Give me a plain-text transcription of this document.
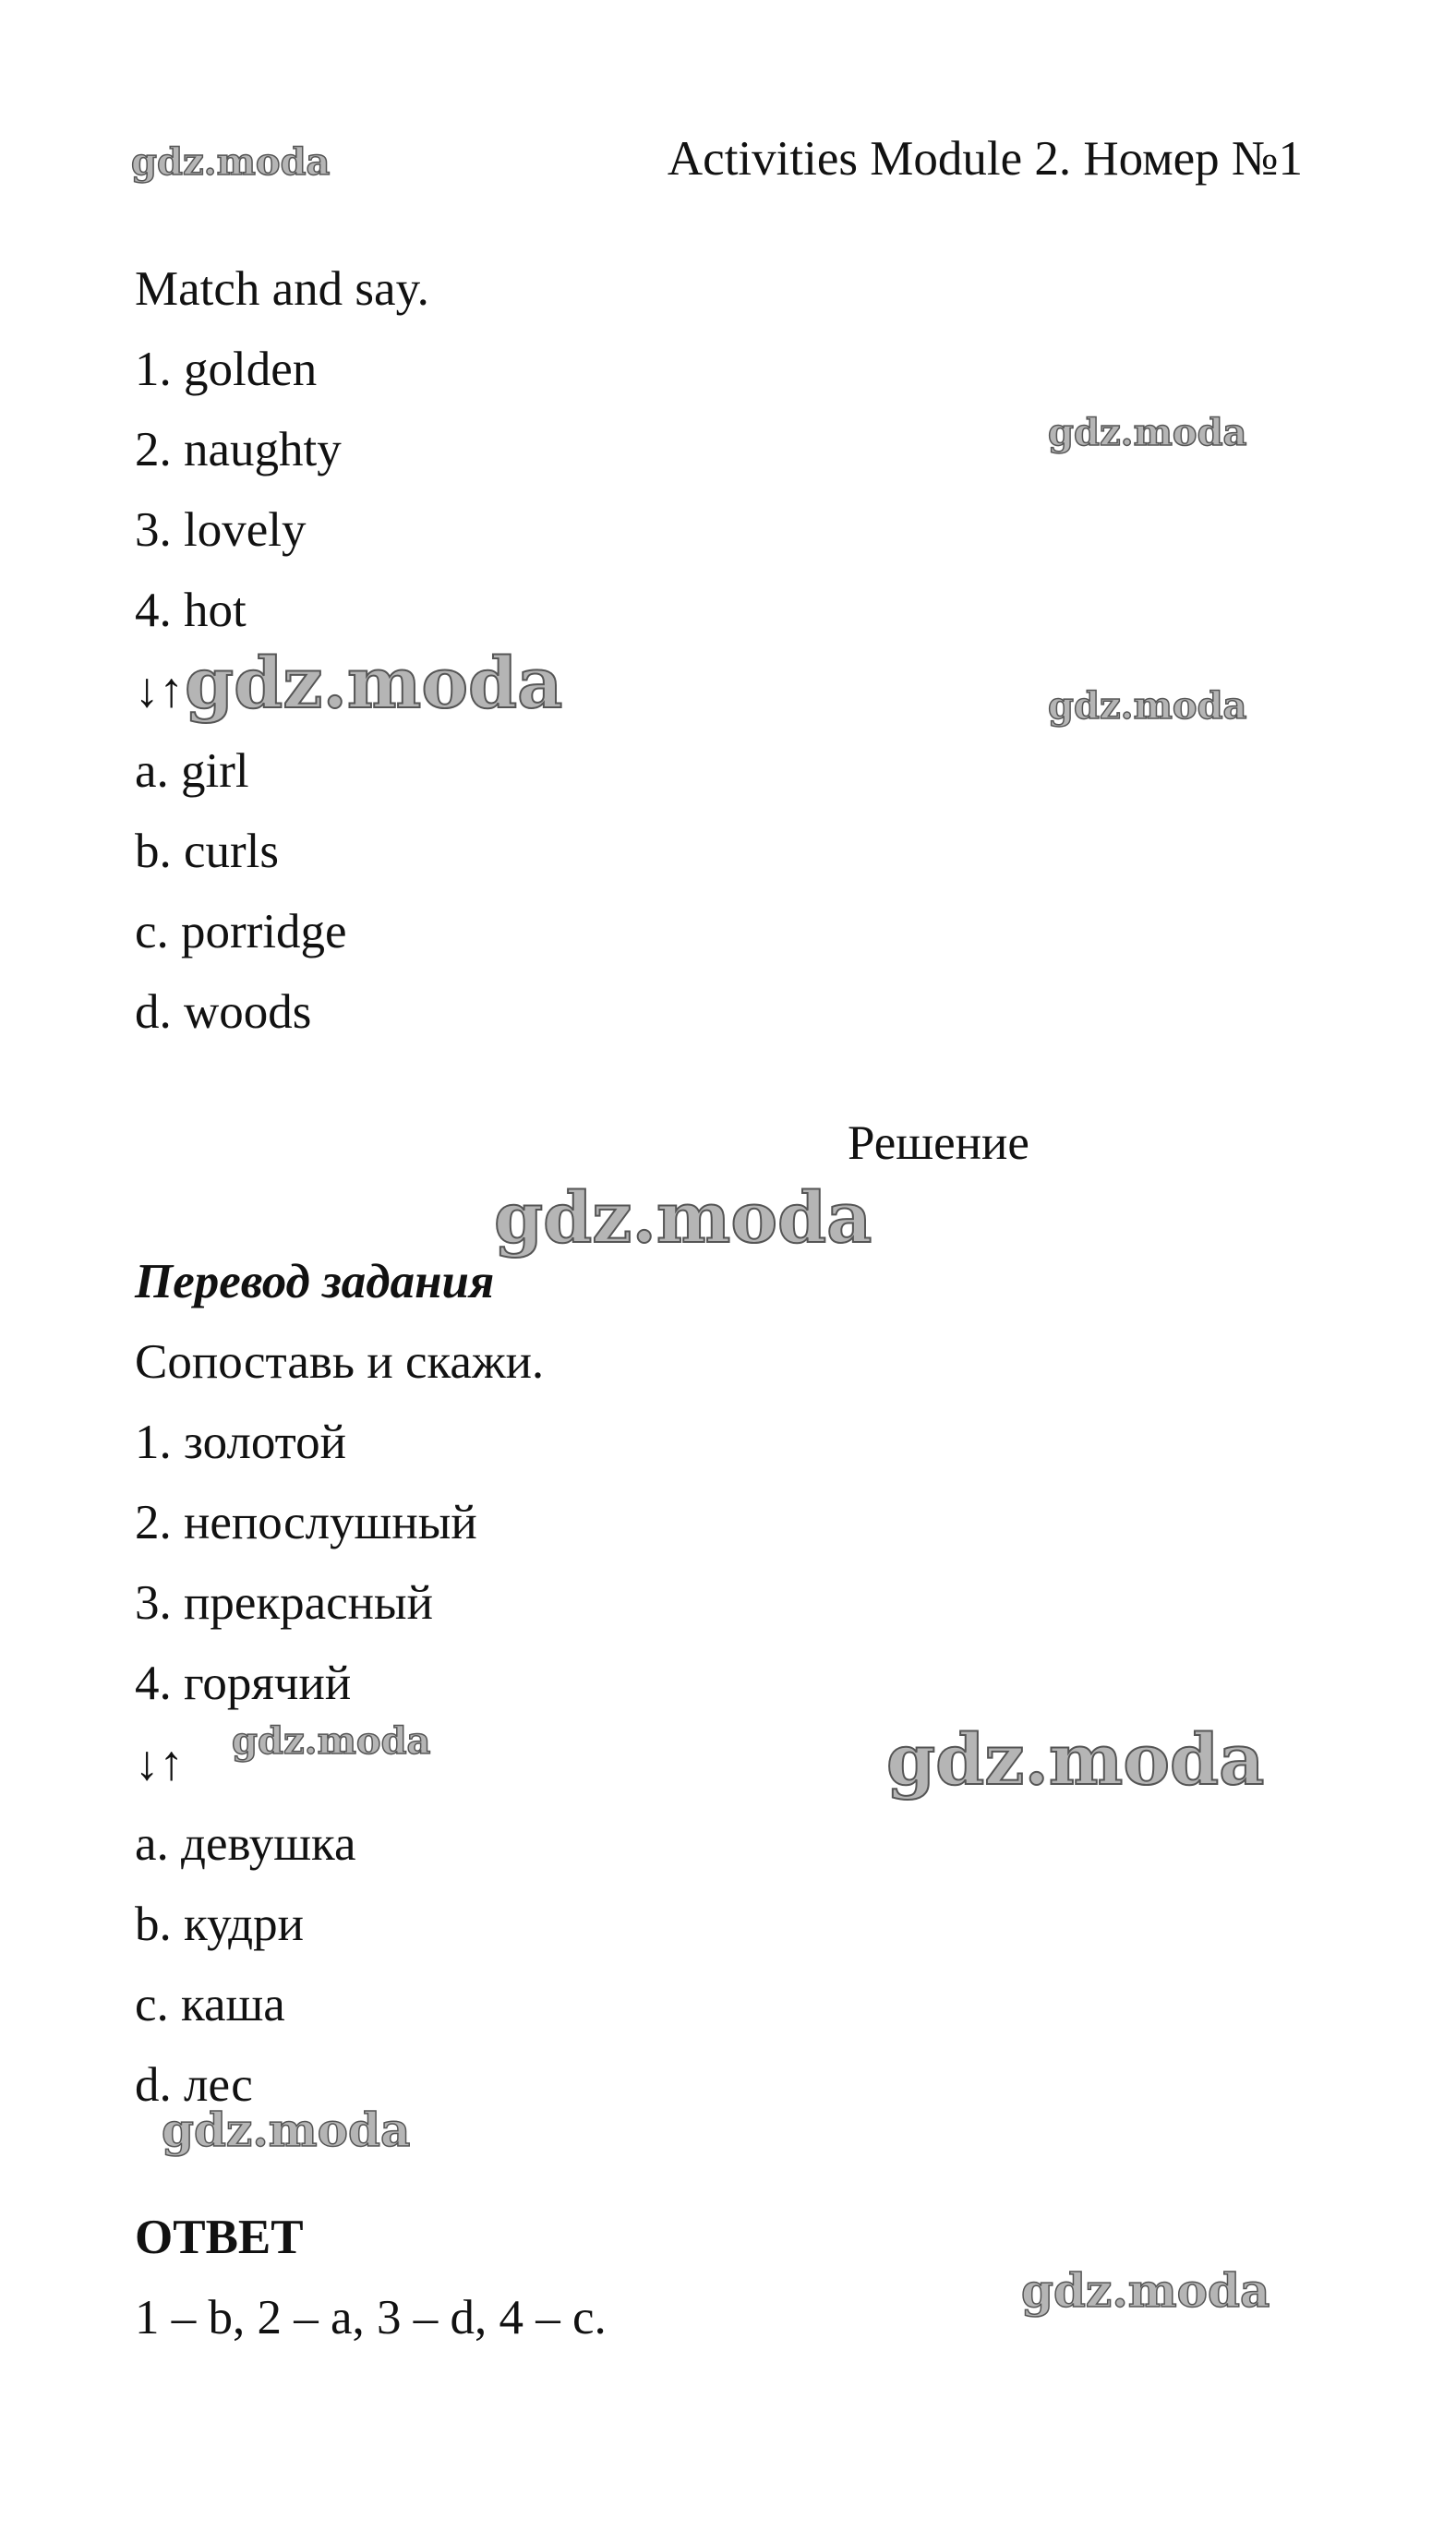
Activities Module 2. Номер №1
Match and say.
1. golden
2. naughty
3. lovely
4. hot
↓↑
a. girl
b. curls
c. porridge
d. woods
Решение
Перевод задания
Сопоставь и скажи.
1. золотой
2. непослушный
3. прекрасный
4. горячий
↓↑
a. девушка
b. кудри
c. каша
d. лес
ОТВЕТ
1 – b, 2 – a, 3 – d, 4 – c.
gdz.moda
gdz.moda
gdz.moda	gdz.moda
gdz.moda
gdz.moda	gdz.moda
gdz.moda
gdz.moda
